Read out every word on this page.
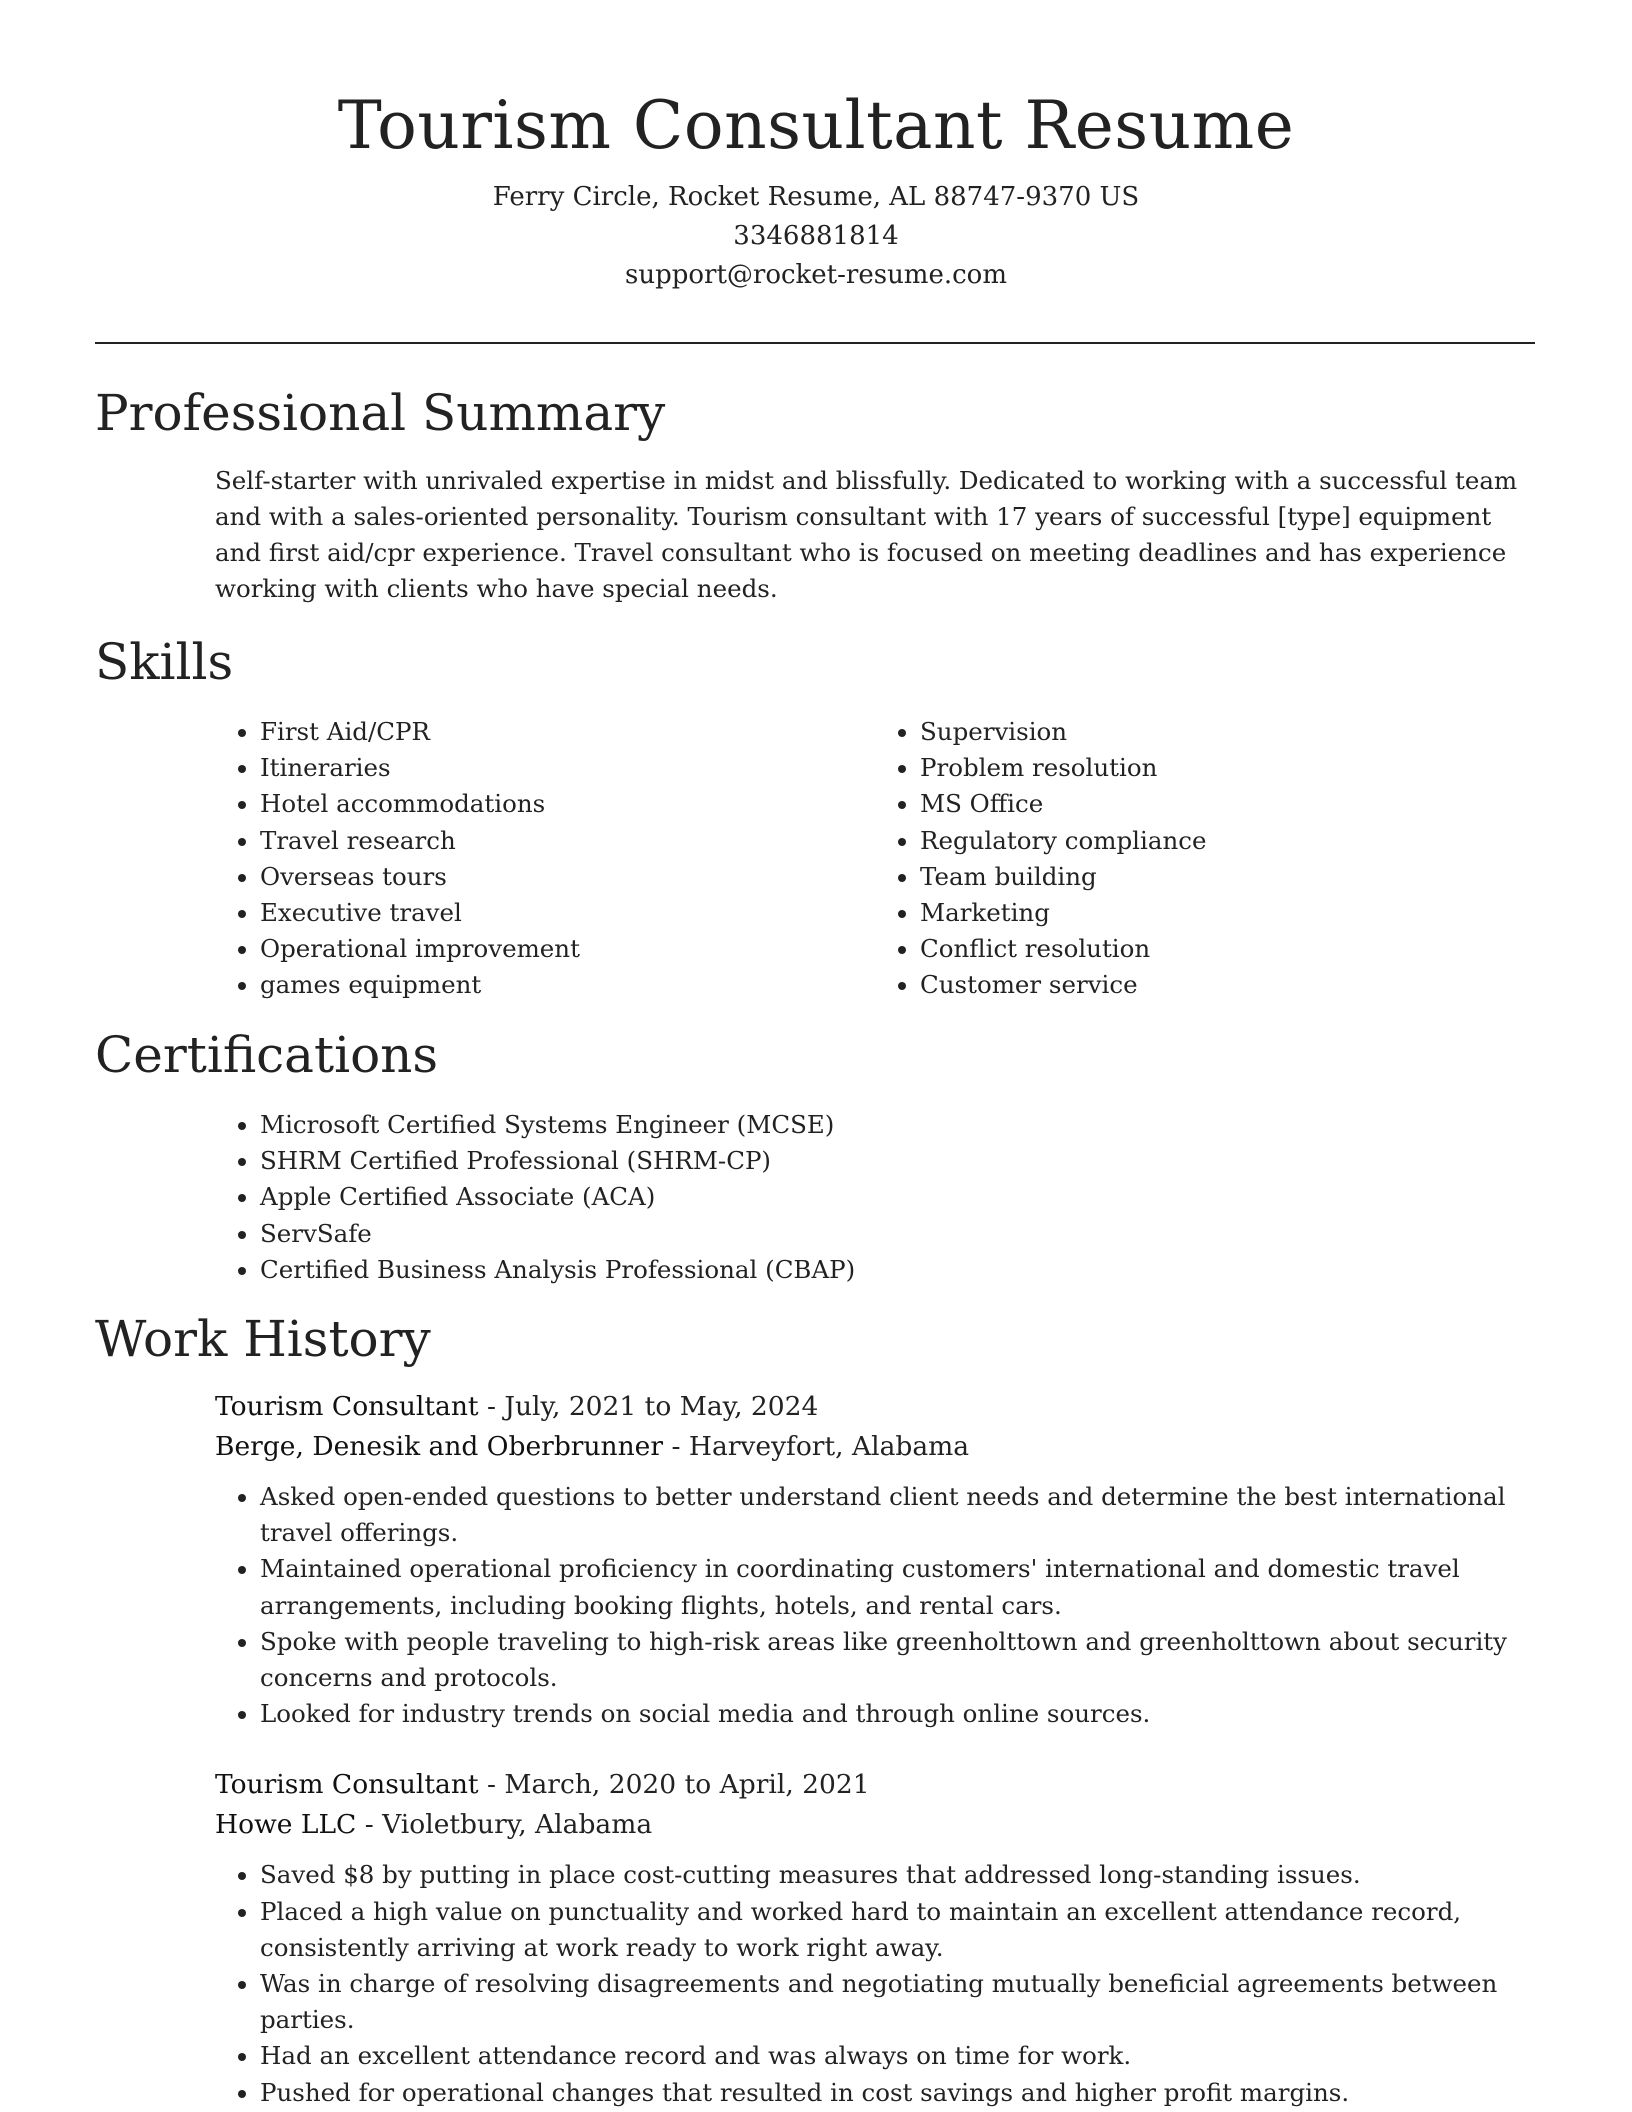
Tourism Consultant Resume
Ferry Circle, Rocket Resume, AL 88747-9370 US
3346881814
support@rocket-resume.com
Professional Summary

Self-starter with unrivaled expertise in midst and blissfully. Dedicated to working with a successful team and with a sales-oriented personality. Tourism consultant with 17 years of successful [type] equipment and first aid/cpr experience. Travel consultant who is focused on meeting deadlines and has experience working with clients who have special needs.

Skills
• First Aid/CPR
• Itineraries
• Hotel accommodations
• Travel research
• Overseas tours
• Executive travel
• Operational improvement
• games equipment
• Supervision
• Problem resolution
• MS Office
• Regulatory compliance
• Team building
• Marketing
• Conflict resolution
• Customer service
Certifications
• Microsoft Certified Systems Engineer (MCSE)
• SHRM Certified Professional (SHRM-CP)
• Apple Certified Associate (ACA)
• ServSafe
• Certified Business Analysis Professional (CBAP)
Work History
Tourism Consultant - July, 2021 to May, 2024
Berge, Denesik and Oberbrunner - Harveyfort, Alabama
• Asked open-ended questions to better understand client needs and determine the best international travel offerings.
• Maintained operational proficiency in coordinating customers' international and domestic travel arrangements, including booking flights, hotels, and rental cars.
• Spoke with people traveling to high-risk areas like greenholttown and greenholttown about security concerns and protocols.
• Looked for industry trends on social media and through online sources.
Tourism Consultant - March, 2020 to April, 2021
Howe LLC - Violetbury, Alabama
• Saved $8 by putting in place cost-cutting measures that addressed long-standing issues.
• Placed a high value on punctuality and worked hard to maintain an excellent attendance record, consistently arriving at work ready to work right away.
• Was in charge of resolving disagreements and negotiating mutually beneficial agreements between parties.
• Had an excellent attendance record and was always on time for work.
• Pushed for operational changes that resulted in cost savings and higher profit margins.
